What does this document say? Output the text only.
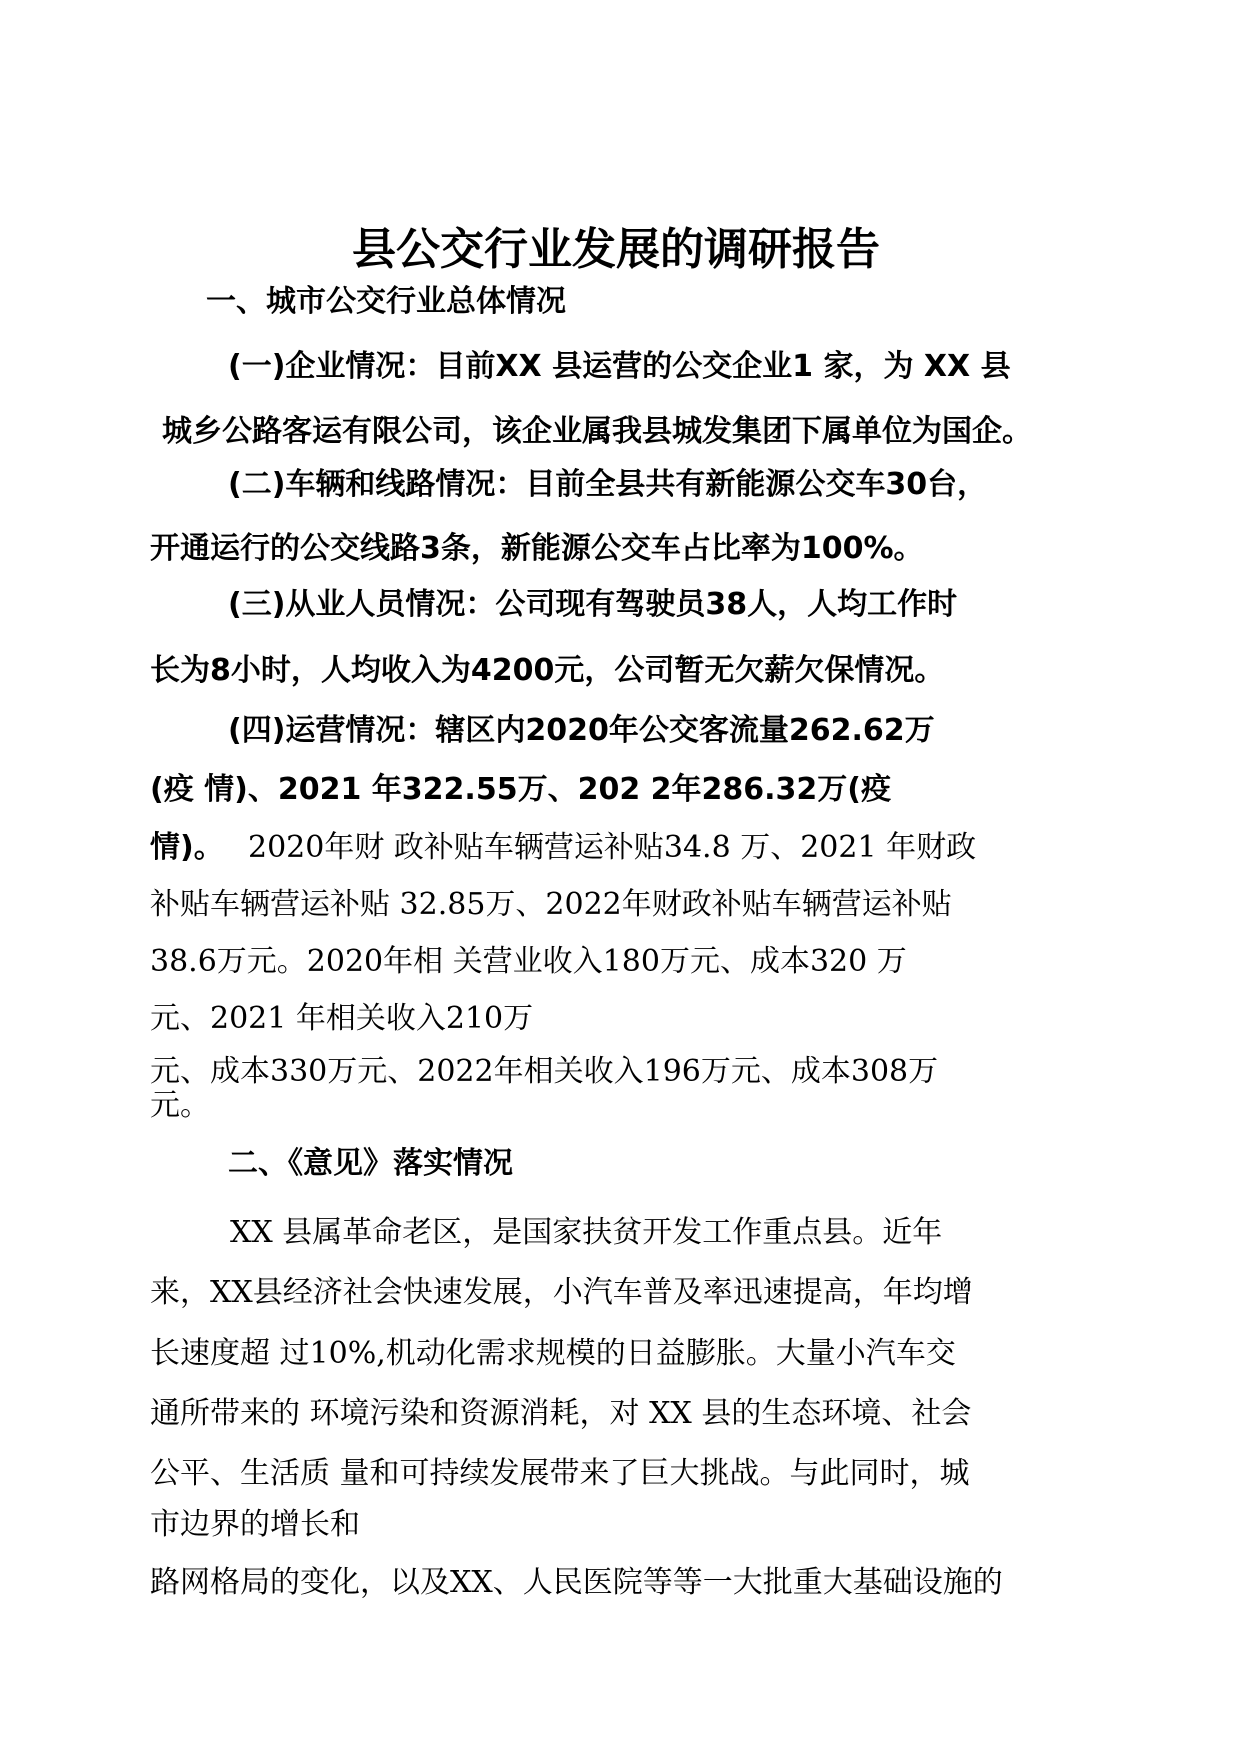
县公交行业发展的调研报告

一、城市公交行业总体情况

(一)企业情况：目前XX 县运营的公交企业1 家，为 XX 县

城乡公路客运有限公司，该企业属我县城发集团下属单位为国企。

(二)车辆和线路情况：目前全县共有新能源公交车30台，

开通运行的公交线路3条，新能源公交车占比率为100%。

(三)从业人员情况：公司现有驾驶员38人，人均工作时

长为8小时，人均收入为4200元，公司暂无欠薪欠保情况。

(四)运营情况：辖区内2020年公交客流量262.62万

(疫 情)、2021 年322.55万、202 2年286.32万(疫

情)。 2020年财 政补贴车辆营运补贴34.8 万、2021 年财政

补贴车辆营运补贴 32.85万、2022年财政补贴车辆营运补贴

38.6万元。2020年相 关营业收入180万元、成本320 万

元、2021 年相关收入210万

元、成本330万元、2022年相关收入196万元、成本308万

元。

二、《意见》落实情况

XX 县属革命老区，是国家扶贫开发工作重点县。近年

来，XX县经济社会快速发展，小汽车普及率迅速提高，年均增

长速度超 过10%,机动化需求规模的日益膨胀。大量小汽车交

通所带来的 环境污染和资源消耗，对 XX 县的生态环境、社会

公平、生活质 量和可持续发展带来了巨大挑战。与此同时，城

市边界的增长和

路网格局的变化，以及XX、人民医院等等一大批重大基础设施的
